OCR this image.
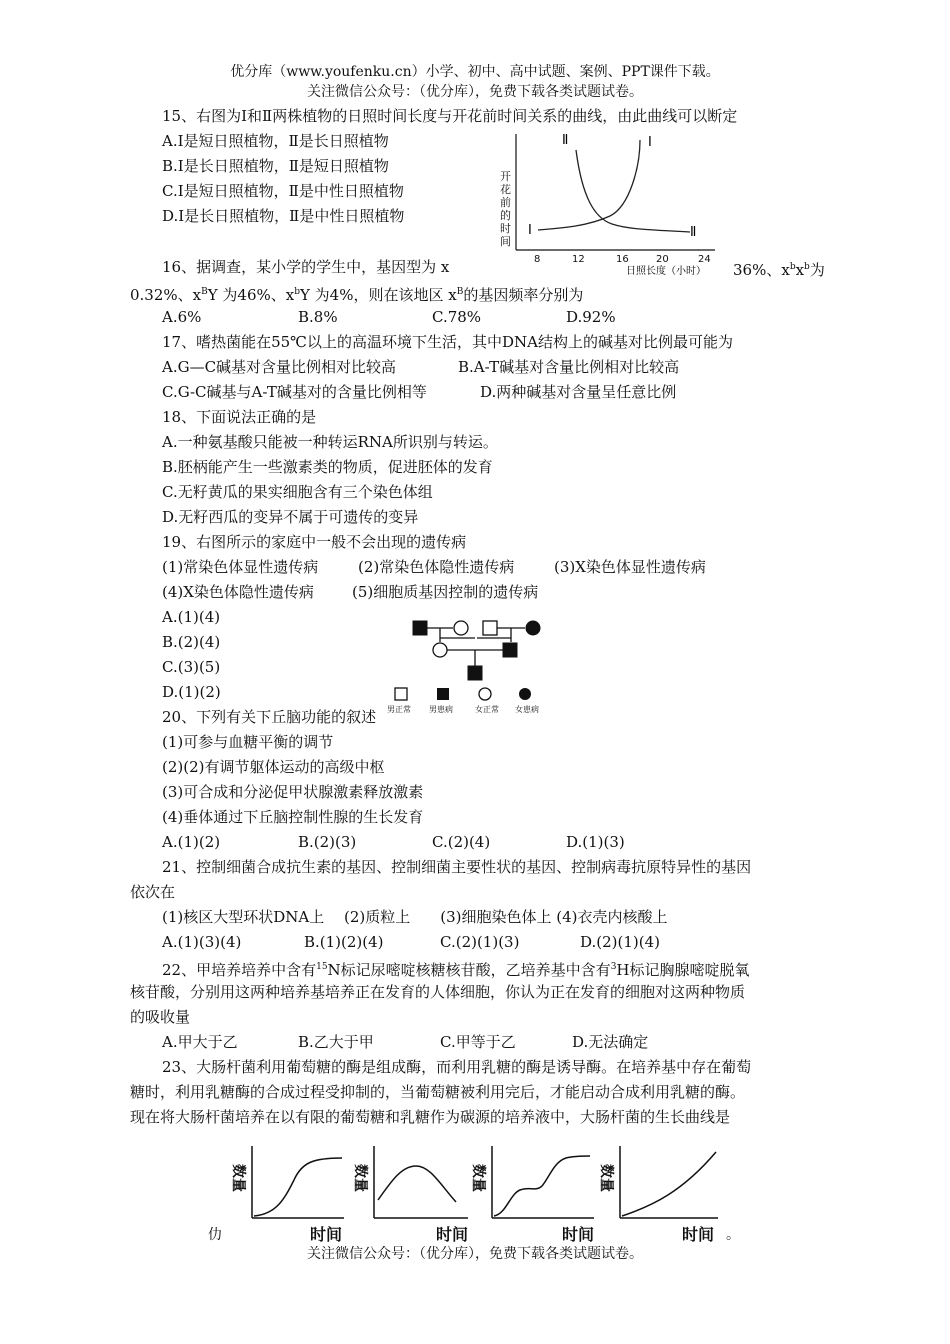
优分库（www.youfenku.cn）小学、初中、高中试题、案例、PPT课件下载。
关注微信公众号：（优分库），免费下载各类试题试卷。
15、右图为Ⅰ和Ⅱ两株植物的日照时间长度与开花前时间关系的曲线，由此曲线可以断定
A.Ⅰ是短日照植物，Ⅱ是长日照植物
B.Ⅰ是长日照植物，Ⅱ是短日照植物
C.Ⅰ是短日照植物，Ⅱ是中性日照植物
D.Ⅰ是长日照植物，Ⅱ是中性日照植物
开
花
前
的
时
间
Ⅱ	Ⅰ
Ⅰ	Ⅱ
8	12	16	20	24
日照长度（小时）
16、据调查，某小学的学生中，基因型为 x	36%、$x^bx^b$为
0.32%、$x^BY$ 为46%、$x^bY$ 为4%，则在该地区 $x^B$的基因频率分别为
A.6%	B.8%	C.78%	D.92%
17、嗜热菌能在55℃以上的高温环境下生活，其中DNA结构上的碱基对比例最可能为
A.G—C碱基对含量比例相对比较高	B.A-T碱基对含量比例相对比较高
C.G-C碱基与A-T碱基对的含量比例相等	D.两种碱基对含量呈任意比例
18、下面说法正确的是
A.一种氨基酸只能被一种转运RNA所识别与转运。
B.胚柄能产生一些激素类的物质，促进胚体的发育
C.无籽黄瓜的果实细胞含有三个染色体组
D.无籽西瓜的变异不属于可遗传的变异
19、右图所示的家庭中一般不会出现的遗传病
(1)常染色体显性遗传病	(2)常染色体隐性遗传病	(3)X染色体显性遗传病
(4)X染色体隐性遗传病	(5)细胞质基因控制的遗传病
A.(1)(4)
B.(2)(4)
C.(3)(5)
D.(1)(2)
20、下列有关下丘脑功能的叙述 男正常 男患病	女正常 女患病
(1)可参与血糖平衡的调节
(2)(2)有调节躯体运动的高级中枢
(3)可合成和分泌促甲状腺激素释放激素
(4)垂体通过下丘脑控制性腺的生长发育
A.(1)(2)	B.(2)(3)	C.(2)(4)	D.(1)(3)
21、控制细菌合成抗生素的基因、控制细菌主要性状的基因、控制病毒抗原特异性的基因
依次在
(1)核区大型环状DNA上　 (2)质粒上　　(3)细胞染色体上 (4)衣壳内核酸上
A.(1)(3)(4)	B.(1)(2)(4)	C.(2)(1)(3)	D.(2)(1)(4)
22、甲培养培养中含有$^{15}$N标记尿嘧啶核糖核苷酸，乙培养基中含有$^3$H标记胸腺嘧啶脱氧
核苷酸，分别用这两种培养基培养正在发育的人体细胞，你认为正在发育的细胞对这两种物质
的吸收量
A.甲大于乙	B.乙大于甲	C.甲等于乙	D.无法确定
23、大肠杆菌利用葡萄糖的酶是组成酶，而利用乳糖的酶是诱导酶。在培养基中存在葡萄
糖时，利用乳糖酶的合成过程受抑制的，当葡萄糖被利用完后，才能启动合成利用乳糖的酶。
现在将大肠杆菌培养在以有限的葡萄糖和乳糖作为碳源的培养液中，大肠杆菌的生长曲线是
数量
时间
数量
时间
数量
时间
数量
时间
仂	。
关注微信公众号：（优分库），免费下载各类试题试卷。
